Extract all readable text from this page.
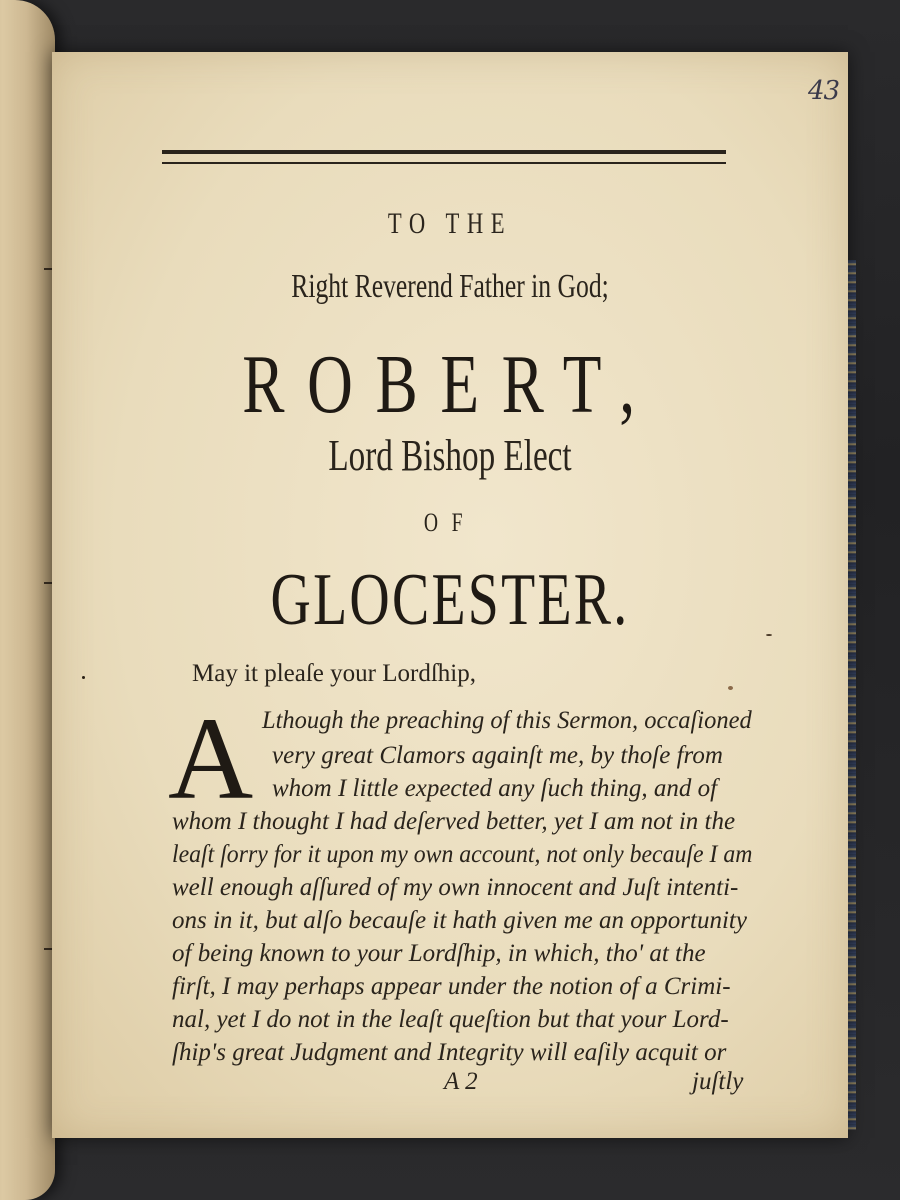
43
TO THE
Right Reverend Father in God;
ROBERT,
Lord Bishop Elect
OF
GLOCESTER.
May it pleaſe your Lordſhip,
A Lthough the preaching of this Sermon, occaſioned
very great Clamors againſt me, by thoſe from
whom I little expected any ſuch thing, and of
whom I thought I had deſerved better, yet I am not in the
leaſt ſorry for it upon my own account, not only becauſe I am
well enough aſſured of my own innocent and Juſt intenti-
ons in it, but alſo becauſe it hath given me an opportunity
of being known to your Lordſhip, in which, tho' at the
firſt, I may perhaps appear under the notion of a Crimi-
nal, yet I do not in the leaſt queſtion but that your Lord-
ſhip's great Judgment and Integrity will eaſily acquit or
A 2	juſtly
